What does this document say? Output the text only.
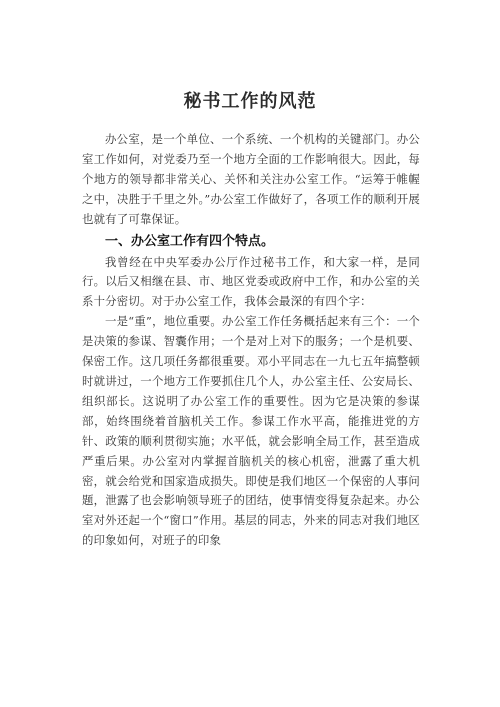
秘书工作的风范

办公室，是一个单位、一个系统、一个机构的关键部门。办公室工作如何，对党委乃至一个地方全面的工作影响很大。因此，每个地方的领导都非常关心、关怀和关注办公室工作。“运筹于帷幄之中，决胜于千里之外。”办公室工作做好了，各项工作的顺利开展也就有了可靠保证。

一、办公室工作有四个特点。

我曾经在中央军委办公厅作过秘书工作，和大家一样，是同行。以后又相继在县、市、地区党委或政府中工作，和办公室的关系十分密切。对于办公室工作，我体会最深的有四个字：

一是“重”，地位重要。办公室工作任务概括起来有三个：一个是决策的参谋、智囊作用；一个是对上对下的服务；一个是机要、保密工作。这几项任务都很重要。邓小平同志在一九七五年搞整顿时就讲过，一个地方工作要抓住几个人，办公室主任、公安局长、组织部长。这说明了办公室工作的重要性。因为它是决策的参谋部，始终围绕着首脑机关工作。参谋工作水平高，能推进党的方针、政策的顺利贯彻实施；水平低，就会影响全局工作，甚至造成严重后果。办公室对内掌握首脑机关的核心机密，泄露了重大机密，就会给党和国家造成损失。即使是我们地区一个保密的人事问题，泄露了也会影响领导班子的团结，使事情变得复杂起来。办公室对外还起一个“窗口”作用。基层的同志，外来的同志对我们地区的印象如何，对班子的印象
